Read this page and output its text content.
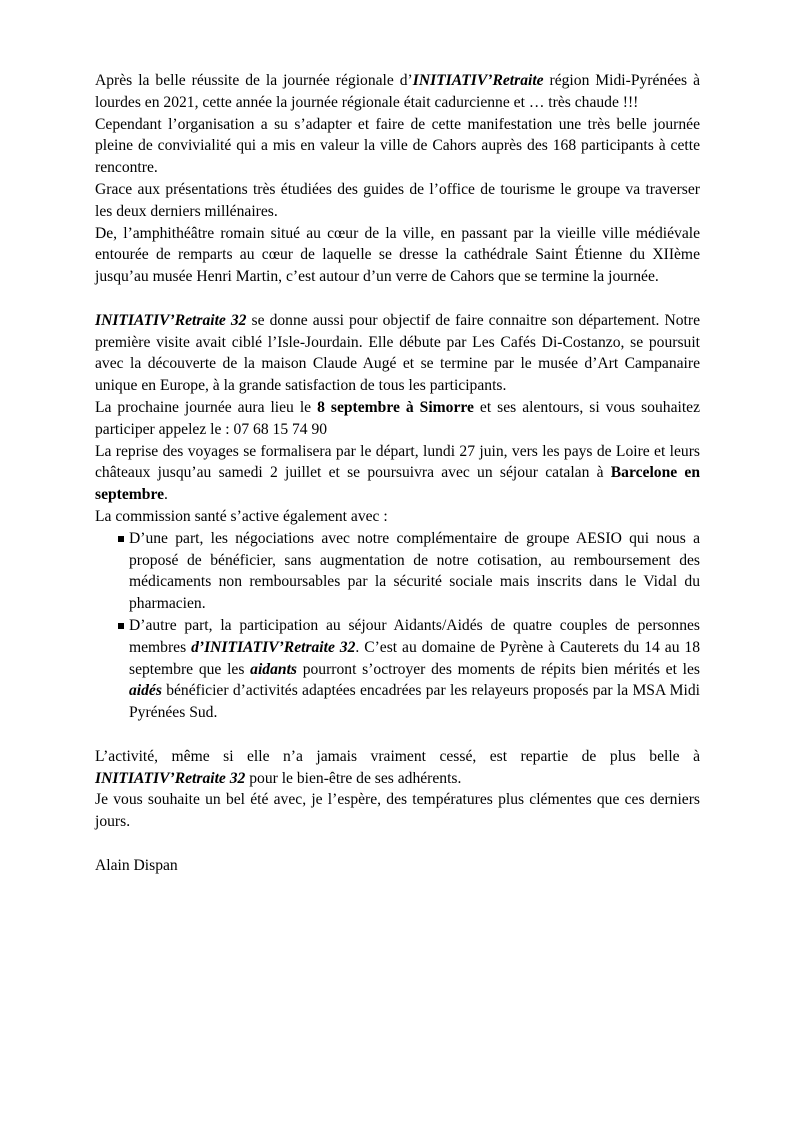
Après la belle réussite de la journée régionale d’INITIATIV’Retraite région Midi-Pyrénées à lourdes en 2021, cette année la journée régionale était cadurcienne et … très chaude !!!

Cependant l’organisation a su s’adapter et faire de cette manifestation une très belle journée pleine de convivialité qui a mis en valeur la ville de Cahors auprès des 168 participants à cette rencontre.

Grace aux présentations très étudiées des guides de l’office de tourisme le groupe va traverser les deux derniers millénaires.

De, l’amphithéâtre romain situé au cœur de la ville, en passant par la vieille ville médiévale entourée de remparts au cœur de laquelle se dresse la cathédrale Saint Étienne du XIIème jusqu’au musée Henri Martin, c’est autour d’un verre de Cahors que se termine la journée.

INITIATIV’Retraite 32 se donne aussi pour objectif de faire connaitre son département. Notre première visite avait ciblé l’Isle-Jourdain. Elle débute par Les Cafés Di-Costanzo, se poursuit avec la découverte de la maison Claude Augé et se termine par le musée d’Art Campanaire unique en Europe, à la grande satisfaction de tous les participants.

La prochaine journée aura lieu le 8 septembre à Simorre et ses alentours, si vous souhaitez participer appelez le : 07 68 15 74 90

La reprise des voyages se formalisera par le départ, lundi 27 juin, vers les pays de Loire et leurs châteaux jusqu’au samedi 2 juillet et se poursuivra avec un séjour catalan à Barcelone en septembre.

La commission santé s’active également avec :

D’une part, les négociations avec notre complémentaire de groupe AESIO qui nous a proposé de bénéficier, sans augmentation de notre cotisation, au remboursement des médicaments non remboursables par la sécurité sociale mais inscrits dans le Vidal du pharmacien.
D’autre part, la participation au séjour Aidants/Aidés de quatre couples de personnes membres d’INITIATIV’Retraite 32. C’est au domaine de Pyrène à Cauterets du 14 au 18 septembre que les aidants pourront s’octroyer des moments de répits bien mérités et les aidés bénéficier d’activités adaptées encadrées par les relayeurs proposés par la MSA Midi Pyrénées Sud.

L’activité, même si elle n’a jamais vraiment cessé, est repartie de plus belle à INITIATIV’Retraite 32 pour le bien-être de ses adhérents.

Je vous souhaite un bel été avec, je l’espère, des températures plus clémentes que ces derniers jours.

Alain Dispan
